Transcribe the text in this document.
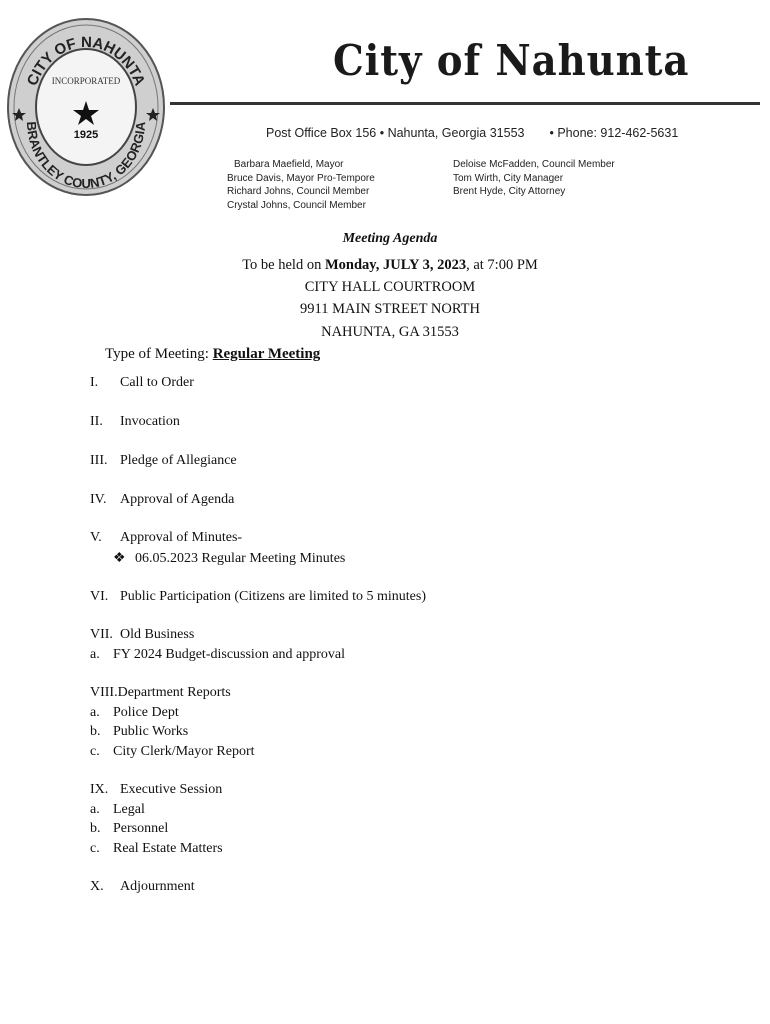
CITY OF NAHUNTA
BRANTLEY COUNTY, GEORGIA
INCORPORATED
1925
City of Nahunta
Post Office Box 156 • Nahunta, Georgia 31553 • Phone: 912-462-5631
Barbara Maefield, Mayor
Bruce Davis, Mayor Pro-Tempore
Richard Johns, Council Member
Crystal Johns, Council Member
Deloise McFadden, Council Member
Tom Wirth, City Manager
Brent Hyde, City Attorney
Meeting Agenda
To be held on Monday, JULY 3, 2023, at 7:00 PM
CITY HALL COURTROOM
9911 MAIN STREET NORTH
NAHUNTA, GA 31553
Type of Meeting: Regular Meeting
I. Call to Order
II. Invocation
III. Pledge of Allegiance
IV. Approval of Agenda
V. Approval of Minutes-
❖ 06.05.2023 Regular Meeting Minutes
VI. Public Participation (Citizens are limited to 5 minutes)
VII. Old Business
a. FY 2024 Budget-discussion and approval
VIII.Department Reports
a. Police Dept
b. Public Works
c. City Clerk/Mayor Report
IX. Executive Session
a. Legal
b. Personnel
c. Real Estate Matters
X. Adjournment
